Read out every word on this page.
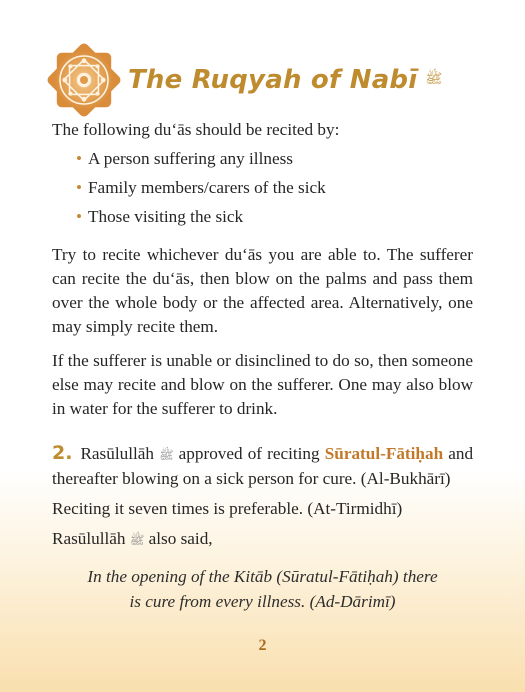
The Ruqyah of Nabī ﷺ

The following du‘ās should be recited by:

• A person suffering any illness
• Family members/carers of the sick
• Those visiting the sick

Try to recite whichever du‘ās you are able to. The sufferer can recite the du‘ās, then blow on the palms and pass them over the whole body or the affected area. Alternatively, one may simply recite them.

If the sufferer is unable or disinclined to do so, then someone else may recite and blow on the sufferer. One may also blow in water for the sufferer to drink.

2. Rasūlullāh ﷺ approved of reciting Sūratul-Fātiḥah and thereafter blowing on a sick person for cure. (Al-Bukhārī)

Reciting it seven times is preferable. (At-Tirmidhī)

Rasūlullāh ﷺ also said,

In the opening of the Kitāb (Sūratul-Fātiḥah) there
is cure from every illness. (Ad-Dārimī)

2
